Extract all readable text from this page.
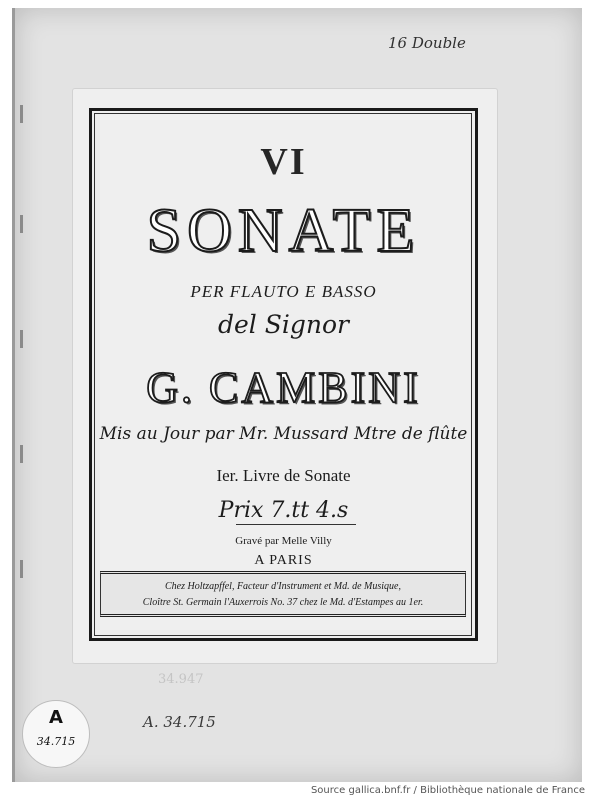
16 Double
VI
SONATE
PER FLAUTO E BASSO
del Signor
G. CAMBINI
Mis au Jour par Mr. Mussard Mtre de flûte
Ier. Livre de Sonate
Prix 7.tt 4.s
Gravé par Melle Villy
A PARIS
Chez Holtzapffel, Facteur d'Instrument et Md. de Musique,
Cloître St. Germain l'Auxerrois No. 37 chez le Md. d'Estampes au 1er.
34.947
A. 34.715
A
34.715
Source gallica.bnf.fr / Bibliothèque nationale de France
